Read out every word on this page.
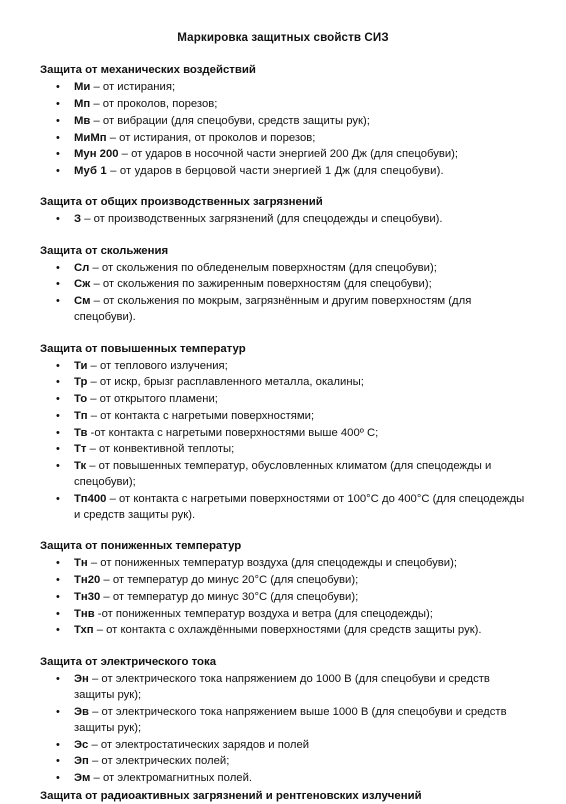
Маркировка защитных свойств СИЗ
Защита от механических воздействий
• Ми – от истирания;
• Мп – от проколов, порезов;
• Мв – от вибрации (для спецобуви, средств защиты рук);
• МиМп – от истирания, от проколов и порезов;
• Мун 200 – от ударов в носочной части энергией 200 Дж (для спецобуви);
• Муб 1 – от ударов в берцовой части энергией 1 Дж (для спецобуви).
Защита от общих производственных загрязнений
• З – от производственных загрязнений (для спецодежды и спецобуви).
Защита от скольжения
• Сл – от скольжения по обледенелым поверхностям (для спецобуви);
• Сж – от скольжения по зажиренным поверхностям (для спецобуви);
• См – от скольжения по мокрым, загрязнённым и другим поверхностям (для спецобуви).
Защита от повышенных температур
• Ти – от теплового излучения;
• Тр – от искр, брызг расплавленного металла, окалины;
• То – от открытого пламени;
• Тп – от контакта с нагретыми поверхностями;
• Тв -от контакта с нагретыми поверхностями выше 400º С;
• Тт – от конвективной теплоты;
• Тк – от повышенных температур, обусловленных климатом (для спецодежды и спецобуви);
• Тп400 – от контакта с нагретыми поверхностями от 100°С до 400°С (для спецодежды и средств защиты рук).
Защита от пониженных температур
• Тн – от пониженных температур воздуха (для спецодежды и спецобуви);
• Тн20 – от температур до минус 20°С (для спецобуви);
• Тн30 – от температур до минус 30°С (для спецобуви);
• Тнв -от пониженных температур воздуха и ветра (для спецодежды);
• Тхп – от контакта с охлаждёнными поверхностями (для средств защиты рук).
Защита от электрического тока
• Эн – от электрического тока напряжением до 1000 В (для спецобуви и средств защиты рук);
• Эв – от электрического тока напряжением выше 1000 В (для спецобуви и средств защиты рук);
• Эс – от электростатических зарядов и полей
• Эп – от электрических полей;
• Эм – от электромагнитных полей.
Защита от радиоактивных загрязнений и рентгеновских излучений
